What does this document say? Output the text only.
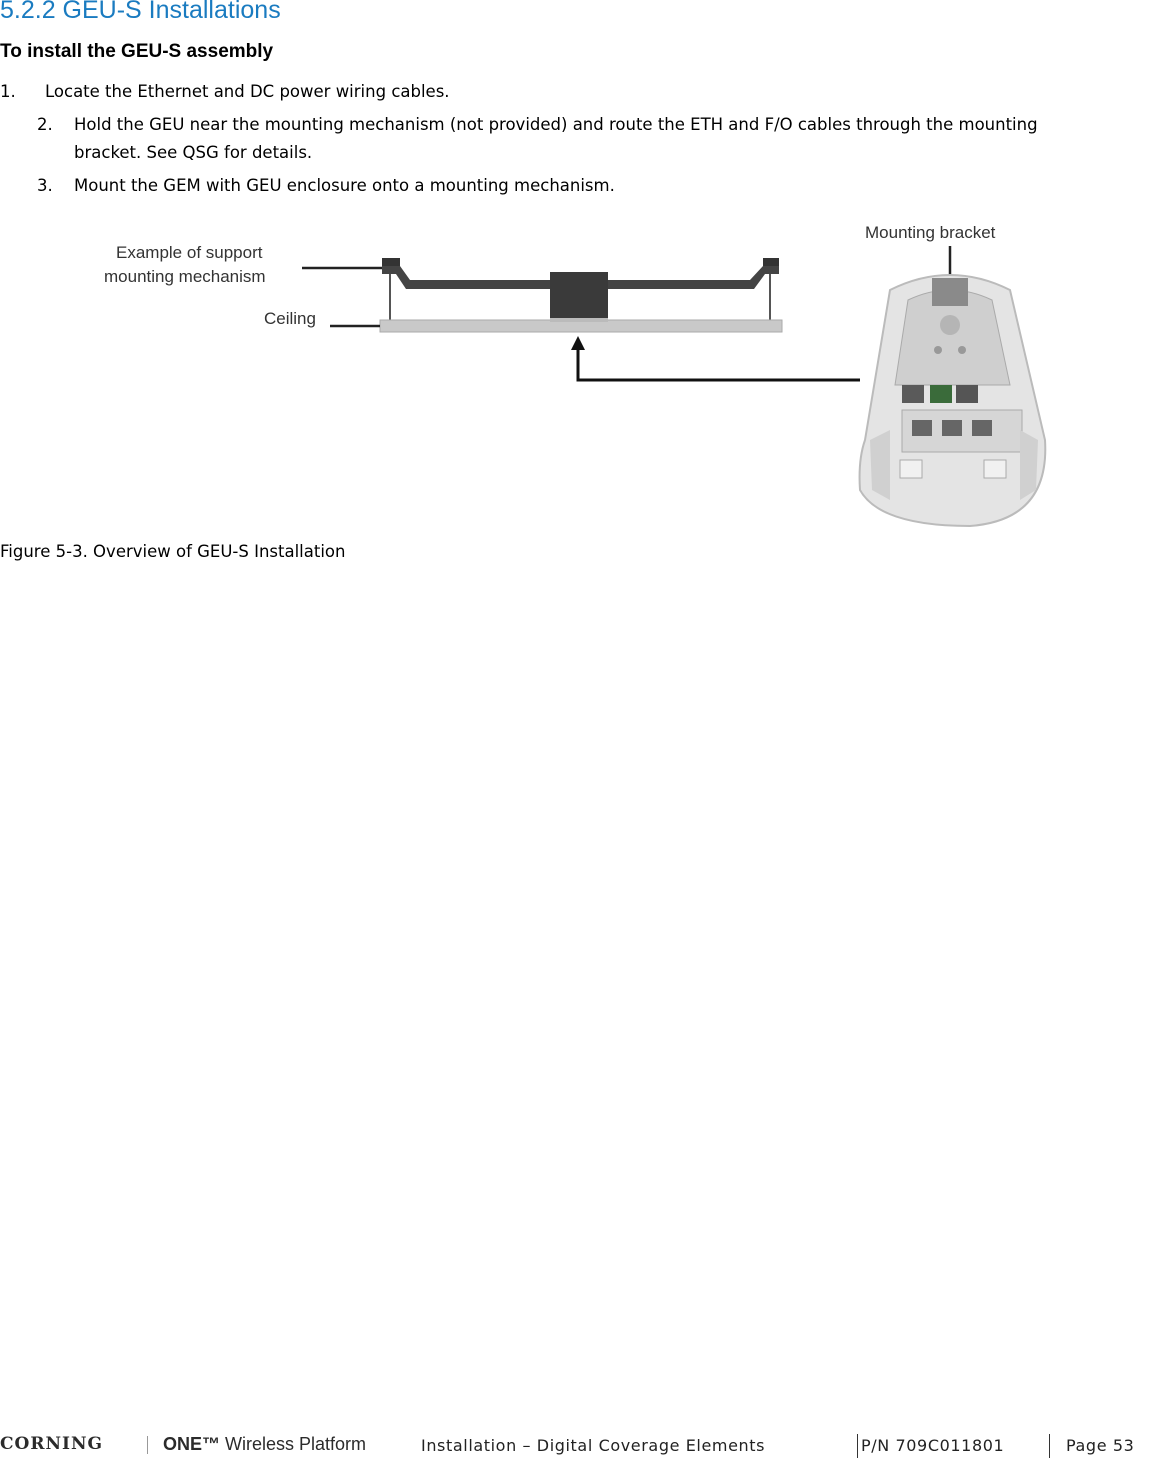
5.2.2 GEU-S Installations
To install the GEU-S assembly
1. Locate the Ethernet and DC power wiring cables.
2. Hold the GEU near the mounting mechanism (not provided) and route the ETH and F/O cables through the mounting
bracket. See QSG for details.
3. Mount the GEM with GEU enclosure onto a mounting mechanism.
Example of support
mounting mechanism
Ceiling
Mounting bracket
Figure 5-3. Overview of GEU-S Installation
CORNING	ONE™ Wireless Platform	Installation – Digital Coverage Elements	P/N 709C011801	Page 53
